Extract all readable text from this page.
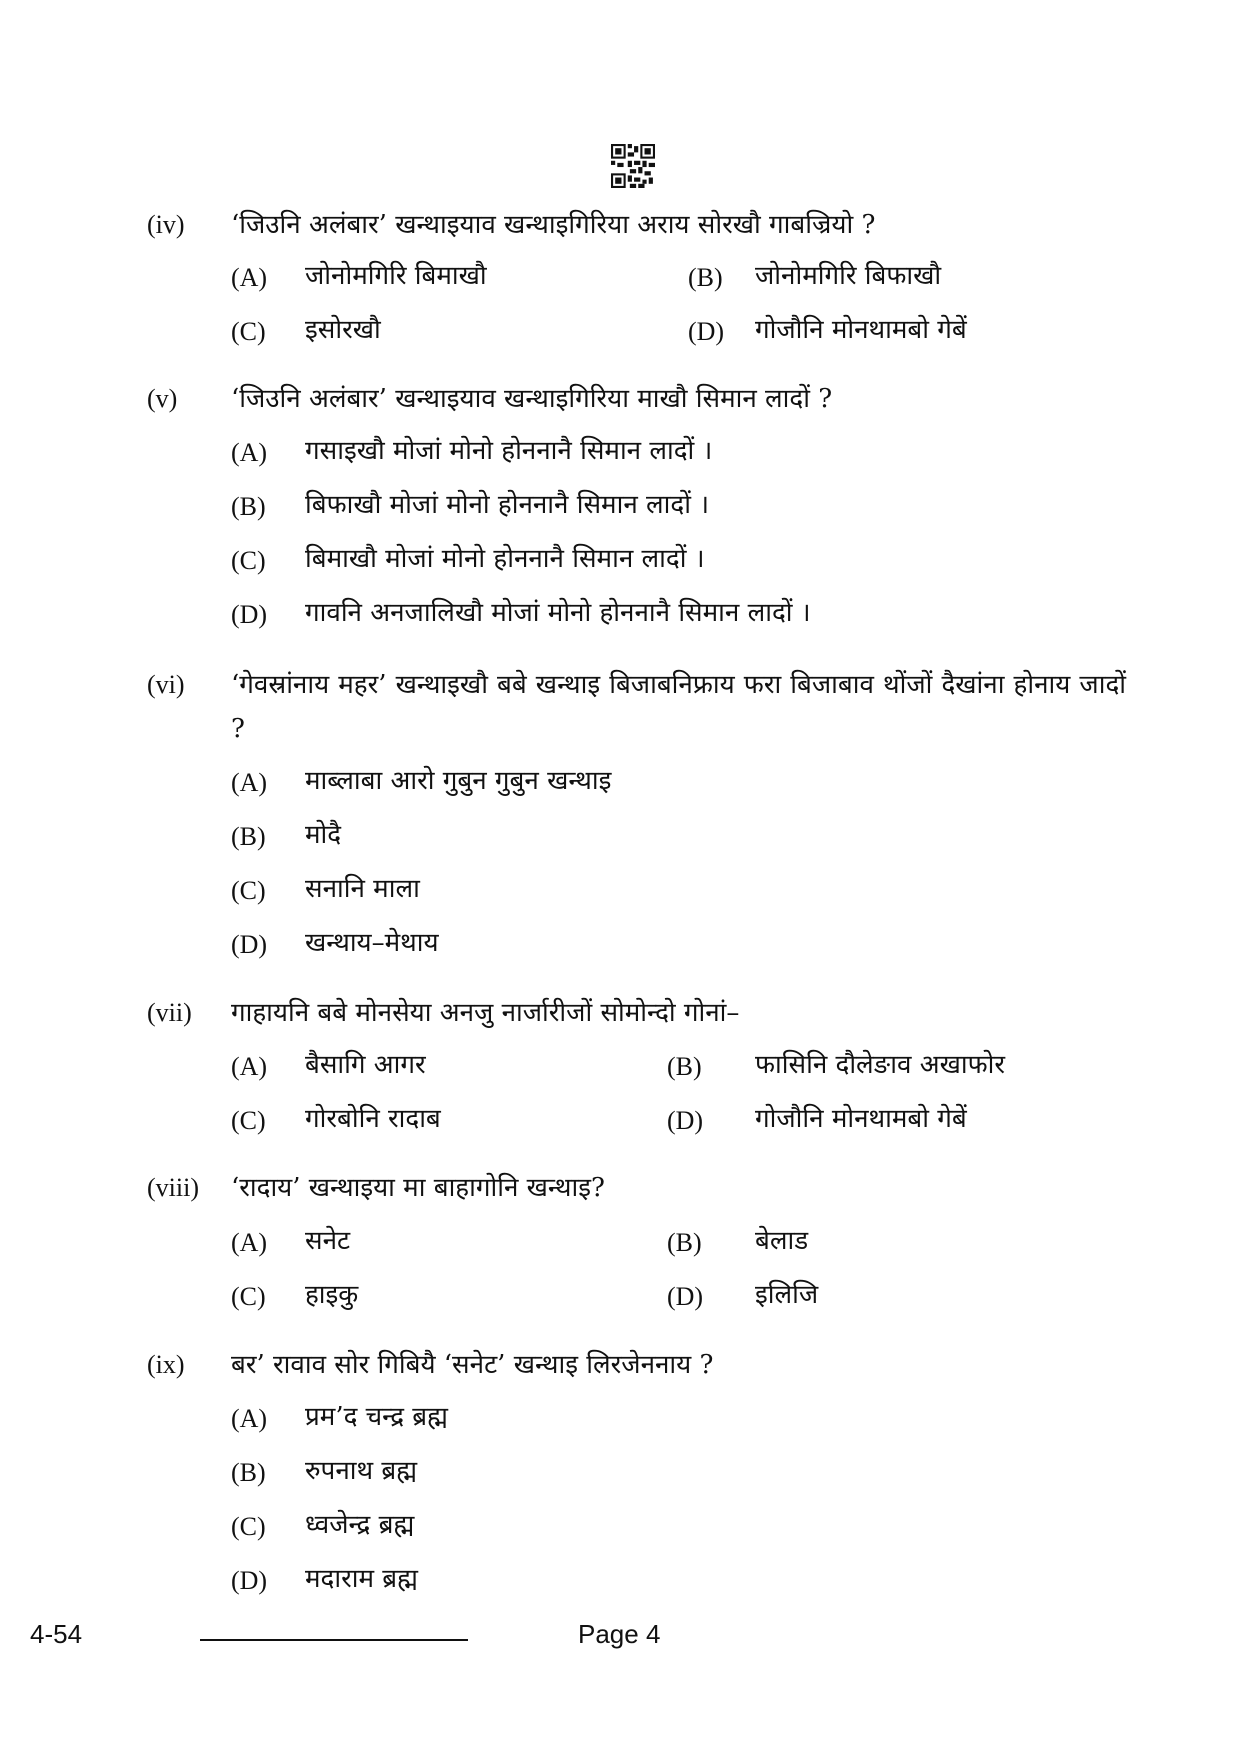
(iv) ‘जिउनि अलंबार’ खन्थाइयाव खन्थाइगिरिया अराय सोरखौ गाबज्रियो ?
(A) जोनोमगिरि बिमाखौ	(B) जोनोमगिरि बिफाखौ
(C) इसोरखौ	(D) गोजौनि मोनथामबो गेबें
(v) ‘जिउनि अलंबार’ खन्थाइयाव खन्थाइगिरिया माखौ सिमान लादों ?
(A) गसाइखौ मोजां मोनो होननानै सिमान लादों ।
(B) बिफाखौ मोजां मोनो होननानै सिमान लादों ।
(C) बिमाखौ मोजां मोनो होननानै सिमान लादों ।
(D) गावनि अनजालिखौ मोजां मोनो होननानै सिमान लादों ।
(vi) ‘गेवस्रांनाय महर’ खन्थाइखौ बबे खन्थाइ बिजाबनिफ्राय फरा बिजाबाव थोंजों दैखांना होनाय जादों ?
(A) माब्लाबा आरो गुबुन गुबुन खन्थाइ
(B) मोदै
(C) सनानि माला
(D) खन्थाय–मेथाय
(vii) गाहायनि बबे मोनसेया अनजु नार्जारीजों सोमोन्दो गोनां–
(A) बैसागि आगर	(B) फासिनि दौलेङाव अखाफोर
(C) गोरबोनि रादाब	(D) गोजौनि मोनथामबो गेबें
(viii) ‘रादाय’ खन्थाइया मा बाहागोनि खन्थाइ?
(A) सनेट	(B) बेलाड
(C) हाइकु	(D) इलिजि
(ix) बर’ रावाव सोर गिबियै ‘सनेट’ खन्थाइ लिरजेननाय ?
(A) प्रम’द चन्द्र ब्रह्म
(B) रुपनाथ ब्रह्म
(C) ध्वजेन्द्र ब्रह्म
(D) मदाराम ब्रह्म
4-54	Page 4
